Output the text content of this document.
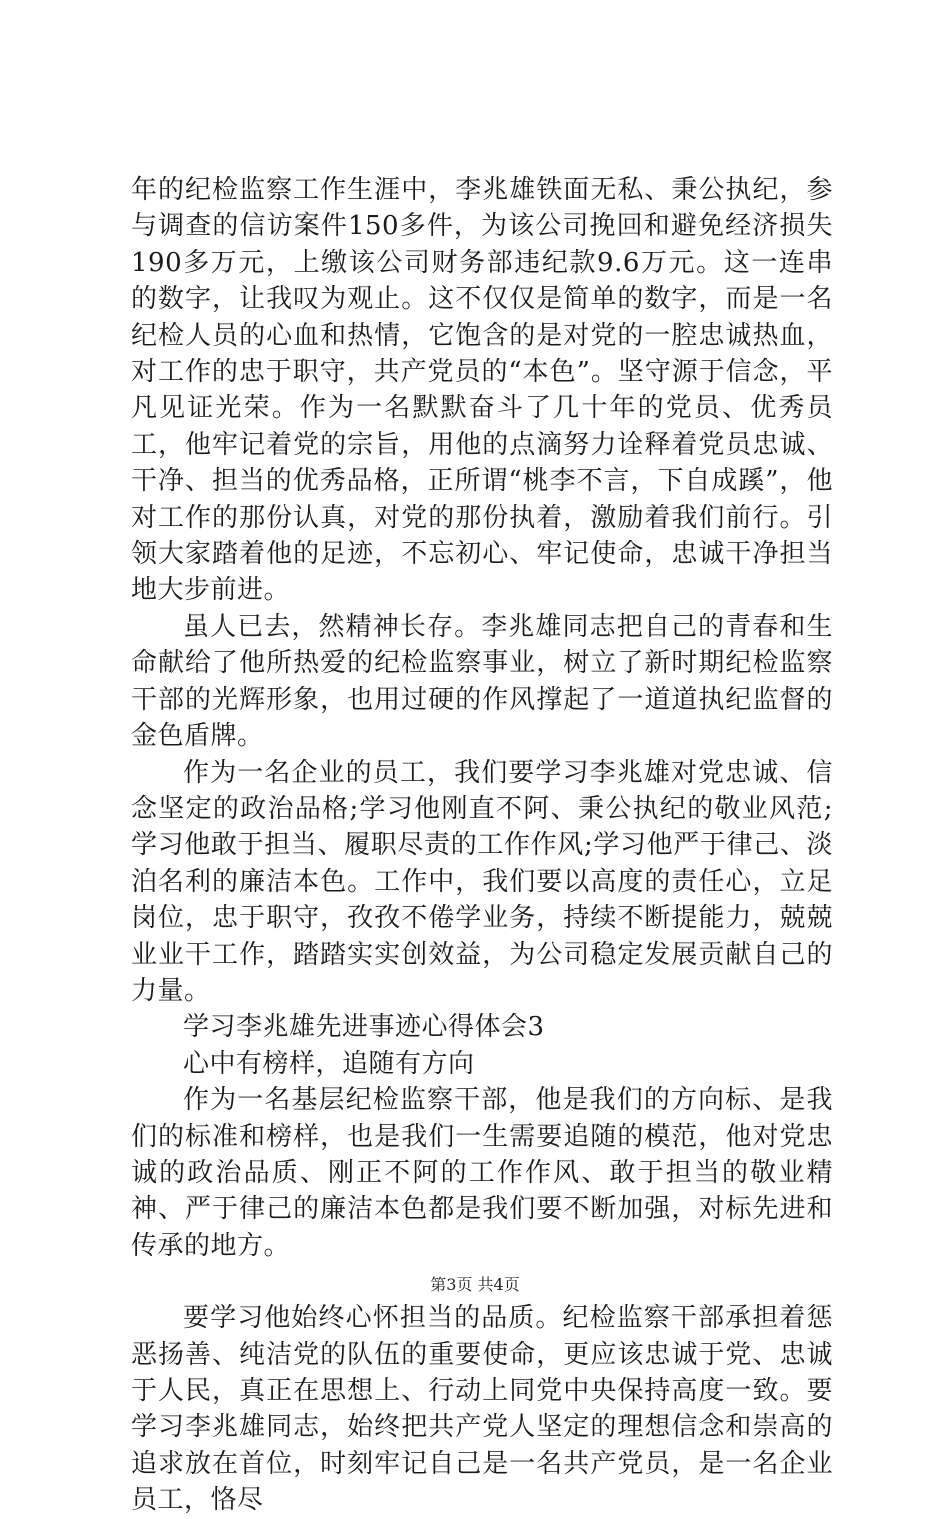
年的纪检监察工作生涯中，李兆雄铁面无私、秉公执纪，参与调查的信访案件150多件，为该公司挽回和避免经济损失190多万元，上缴该公司财务部违纪款9.6万元。这一连串的数字，让我叹为观止。这不仅仅是简单的数字，而是一名纪检人员的心血和热情，它饱含的是对党的一腔忠诚热血，对工作的忠于职守，共产党员的“本色”。坚守源于信念，平凡见证光荣。作为一名默默奋斗了几十年的党员、优秀员工，他牢记着党的宗旨，用他的点滴努力诠释着党员忠诚、干净、担当的优秀品格，正所谓“桃李不言，下自成蹊”，他对工作的那份认真，对党的那份执着，激励着我们前行。引领大家踏着他的足迹，不忘初心、牢记使命，忠诚干净担当地大步前进。

虽人已去，然精神长存。李兆雄同志把自己的青春和生命献给了他所热爱的纪检监察事业，树立了新时期纪检监察干部的光辉形象，也用过硬的作风撑起了一道道执纪监督的金色盾牌。

作为一名企业的员工，我们要学习李兆雄对党忠诚、信念坚定的政治品格;学习他刚直不阿、秉公执纪的敬业风范;学习他敢于担当、履职尽责的工作作风;学习他严于律己、淡泊名利的廉洁本色。工作中，我们要以高度的责任心，立足岗位，忠于职守，孜孜不倦学业务，持续不断提能力，兢兢业业干工作，踏踏实实创效益，为公司稳定发展贡献自己的力量。

学习李兆雄先进事迹心得体会3

心中有榜样，追随有方向

作为一名基层纪检监察干部，他是我们的方向标、是我们的标准和榜样，也是我们一生需要追随的模范，他对党忠诚的政治品质、刚正不阿的工作作风、敢于担当的敬业精神、严于律己的廉洁本色都是我们要不断加强，对标先进和传承的地方。

要学习他始终心怀担当的品质。纪检监察干部承担着惩恶扬善、纯洁党的队伍的重要使命，更应该忠诚于党、忠诚于人民，真正在思想上、行动上同党中央保持高度一致。要学习李兆雄同志，始终把共产党人坚定的理想信念和崇高的追求放在首位，时刻牢记自己是一名共产党员，是一名企业员工，恪尽

第3页 共4页
